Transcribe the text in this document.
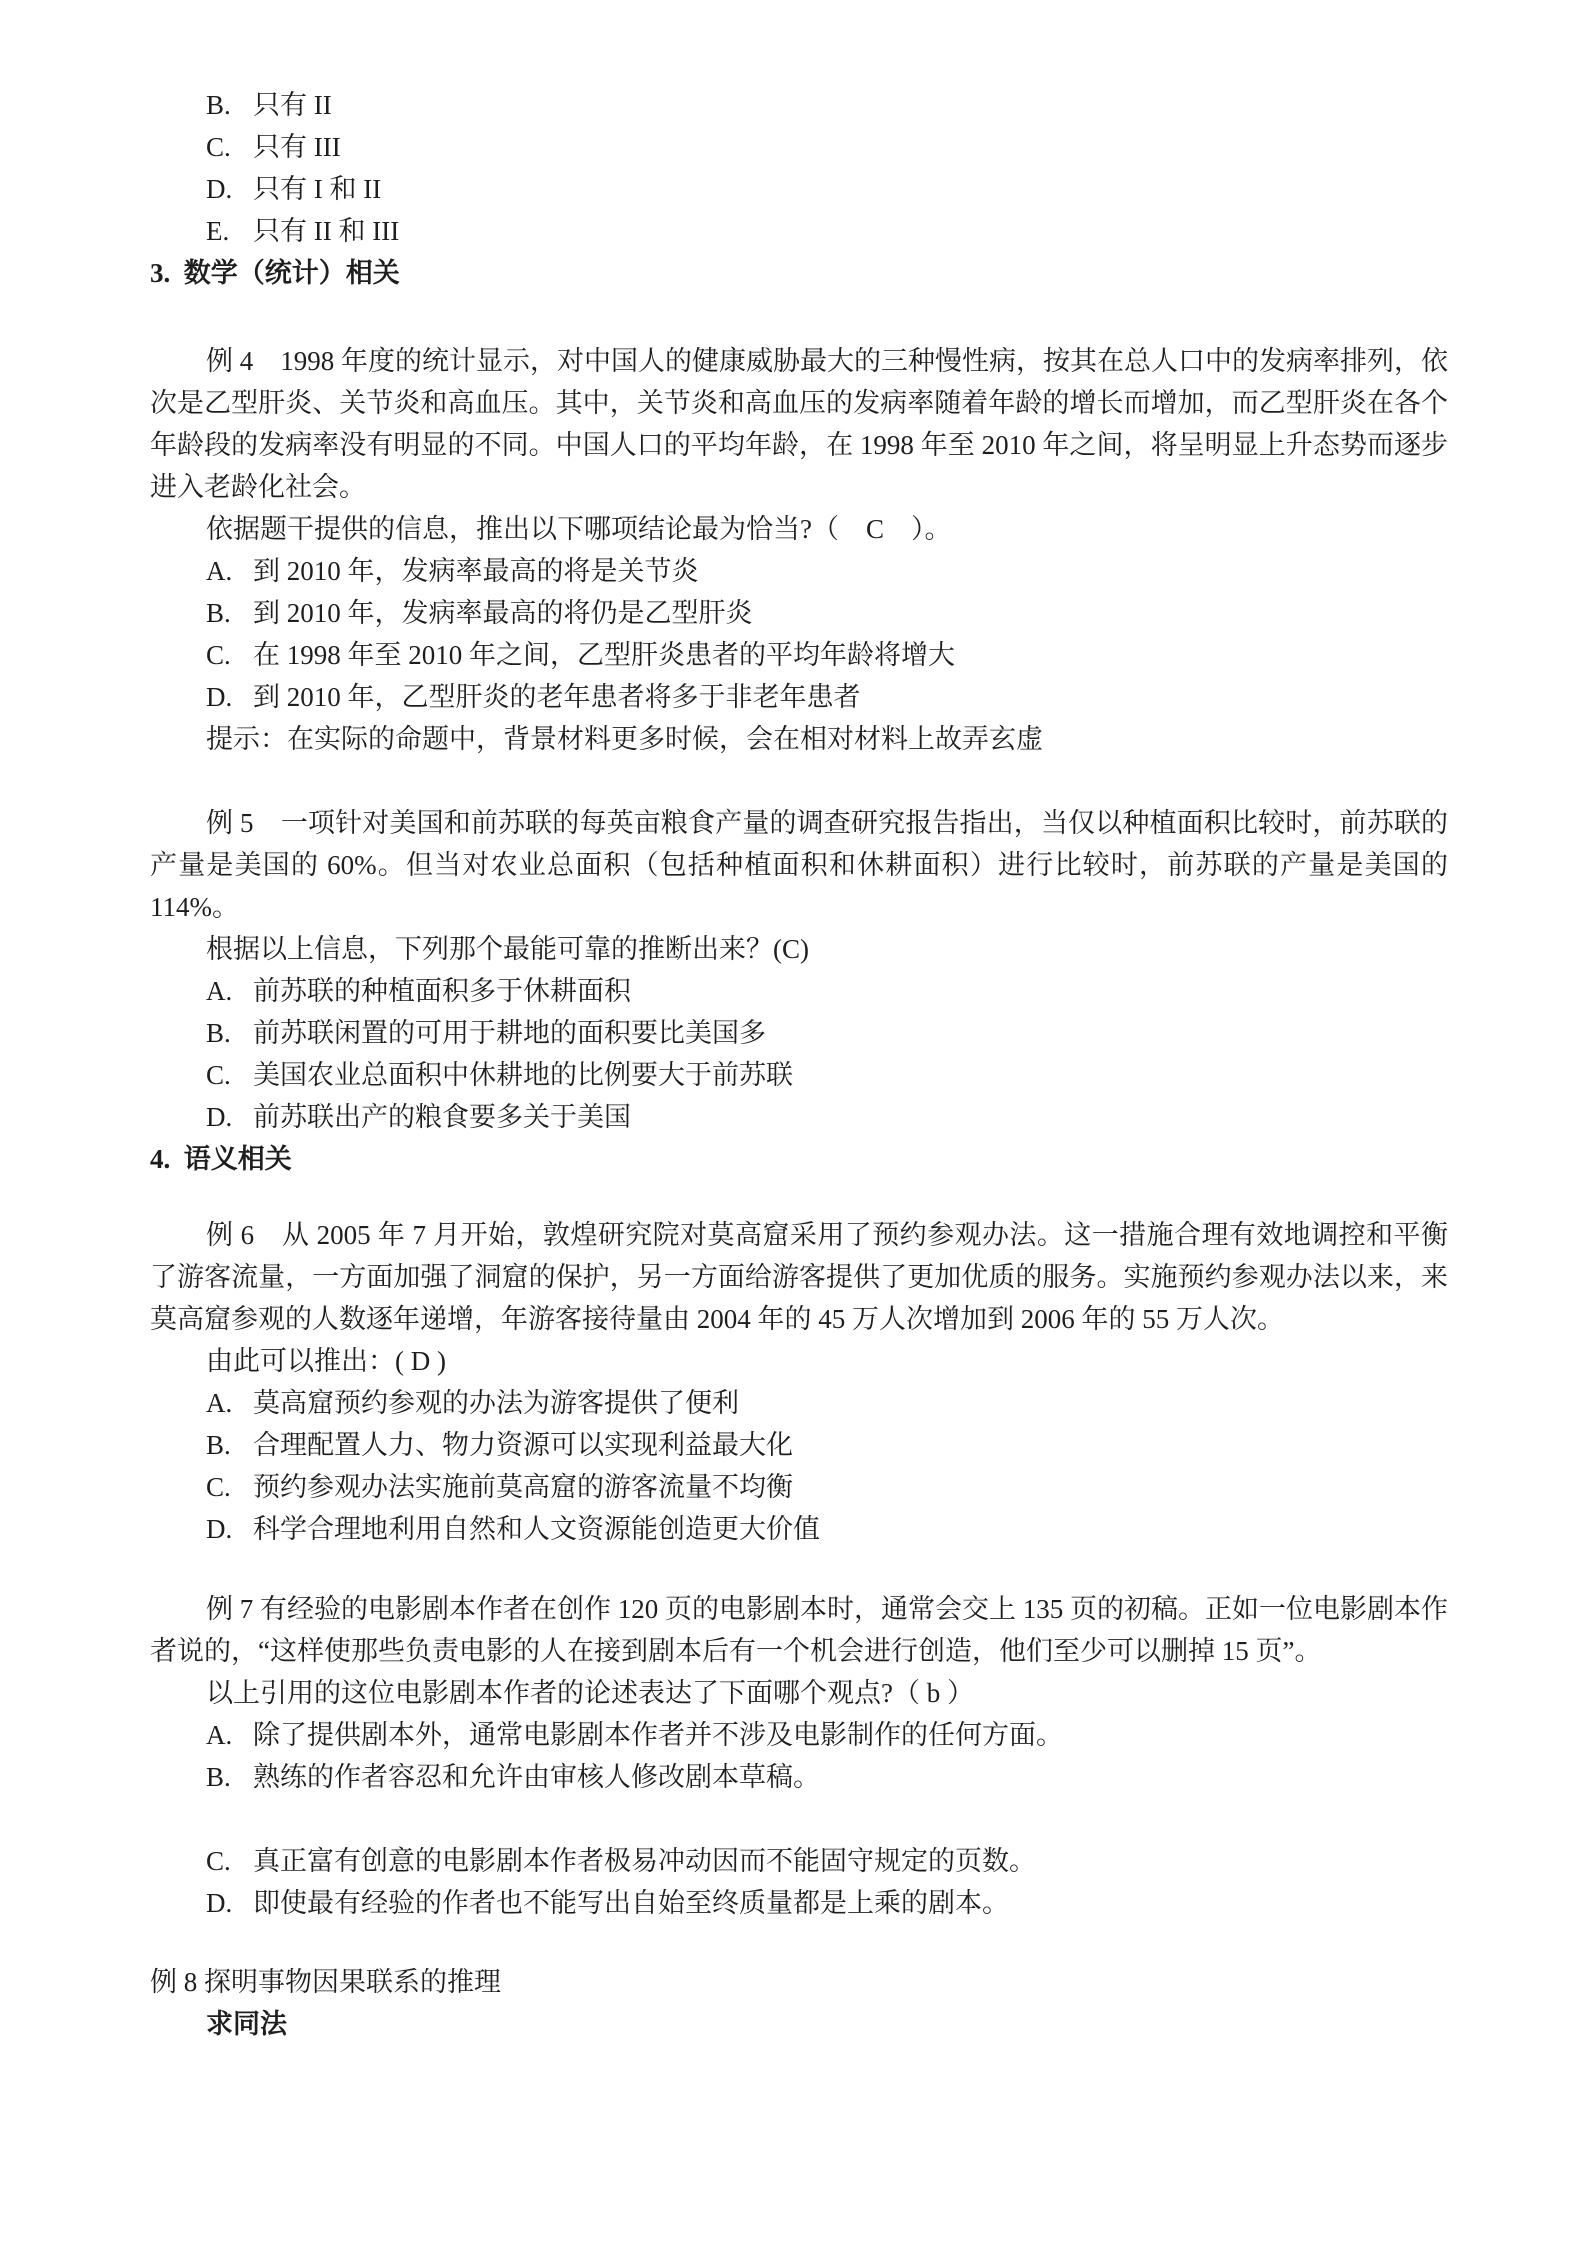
B. 只有 II
C. 只有 III
D. 只有 I 和 II
E. 只有 II 和 III
3.  数学（统计）相关
例 4　1998 年度的统计显示，对中国人的健康威胁最大的三种慢性病，按其在总人口中的发病率排列，依次是乙型肝炎、关节炎和高血压。其中，关节炎和高血压的发病率随着年龄的增长而增加，而乙型肝炎在各个年龄段的发病率没有明显的不同。中国人口的平均年龄，在 1998 年至 2010 年之间，将呈明显上升态势而逐步进入老龄化社会。
依据题干提供的信息，推出以下哪项结论最为恰当?（　C　）。
A. 到 2010 年，发病率最高的将是关节炎
B. 到 2010 年，发病率最高的将仍是乙型肝炎
C. 在 1998 年至 2010 年之间，乙型肝炎患者的平均年龄将增大
D. 到 2010 年，乙型肝炎的老年患者将多于非老年患者
提示：在实际的命题中，背景材料更多时候，会在相对材料上故弄玄虚
例 5　一项针对美国和前苏联的每英亩粮食产量的调查研究报告指出，当仅以种植面积比较时，前苏联的产量是美国的 60%。但当对农业总面积（包括种植面积和休耕面积）进行比较时，前苏联的产量是美国的 114%。
根据以上信息，下列那个最能可靠的推断出来？(C)
A. 前苏联的种植面积多于休耕面积
B. 前苏联闲置的可用于耕地的面积要比美国多
C. 美国农业总面积中休耕地的比例要大于前苏联
D. 前苏联出产的粮食要多关于美国
4.  语义相关
例 6　从 2005 年 7 月开始，敦煌研究院对莫高窟采用了预约参观办法。这一措施合理有效地调控和平衡了游客流量，一方面加强了洞窟的保护，另一方面给游客提供了更加优质的服务。实施预约参观办法以来，来莫高窟参观的人数逐年递增，年游客接待量由 2004 年的 45 万人次增加到 2006 年的 55 万人次。
由此可以推出：( D )
A. 莫高窟预约参观的办法为游客提供了便利
B. 合理配置人力、物力资源可以实现利益最大化
C. 预约参观办法实施前莫高窟的游客流量不均衡
D. 科学合理地利用自然和人文资源能创造更大价值
例 7 有经验的电影剧本作者在创作 120 页的电影剧本时，通常会交上 135 页的初稿。正如一位电影剧本作者说的，“这样使那些负责电影的人在接到剧本后有一个机会进行创造，他们至少可以删掉 15 页”。
以上引用的这位电影剧本作者的论述表达了下面哪个观点?（ b ）
A. 除了提供剧本外，通常电影剧本作者并不涉及电影制作的任何方面。
B. 熟练的作者容忍和允许由审核人修改剧本草稿。
C. 真正富有创意的电影剧本作者极易冲动因而不能固守规定的页数。
D. 即使最有经验的作者也不能写出自始至终质量都是上乘的剧本。
例 8 探明事物因果联系的推理
求同法
